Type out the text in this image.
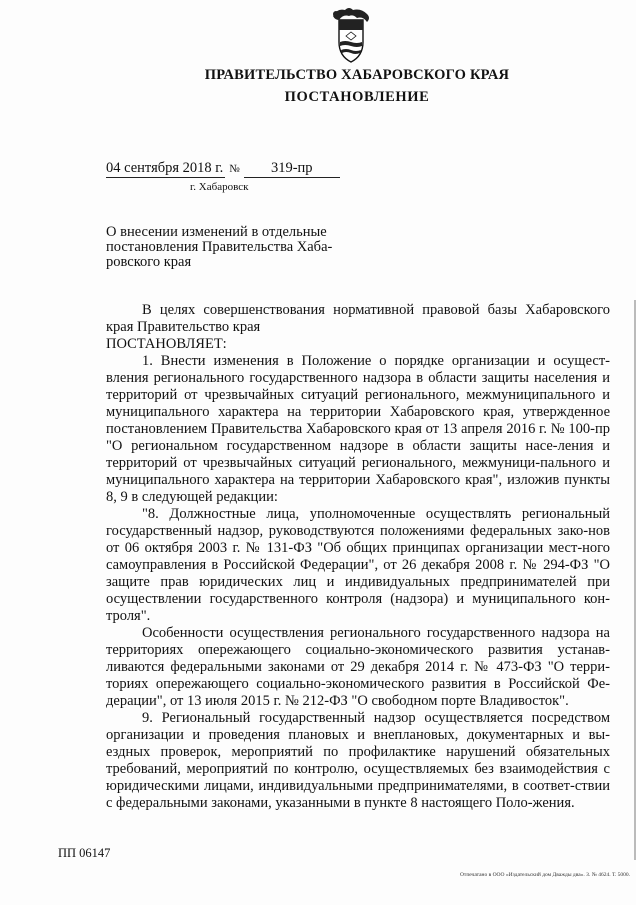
ПРАВИТЕЛЬСТВО ХАБАРОВСКОГО КРАЯ
ПОСТАНОВЛЕНИЕ
04 сентября 2018 г. № 319-пр
г. Хабаровск
О внесении изменений в отдельные постановления Правительства Хаба-ровского края

В целях совершенствования нормативной правовой базы Хабаровского края Правительство края

ПОСТАНОВЛЯЕТ:

1. Внести изменения в Положение о порядке организации и осущест-вления регионального государственного надзора в области защиты населения и территорий от чрезвычайных ситуаций регионального, межмуниципального и муниципального характера на территории Хабаровского края, утвержденное постановлением Правительства Хабаровского края от 13 апреля 2016 г. № 100-пр "О региональном государственном надзоре в области защиты насе-ления и территорий от чрезвычайных ситуаций регионального, межмуници-пального и муниципального характера на территории Хабаровского края", изложив пункты 8, 9 в следующей редакции:

"8. Должностные лица, уполномоченные осуществлять региональный государственный надзор, руководствуются положениями федеральных зако-нов от 06 октября 2003 г. № 131-ФЗ "Об общих принципах организации мест-ного самоуправления в Российской Федерации", от 26 декабря 2008 г. № 294-ФЗ "О защите прав юридических лиц и индивидуальных предпринимателей при осуществлении государственного контроля (надзора) и муниципального кон-троля".

Особенности осуществления регионального государственного надзора на территориях опережающего социально-экономического развития устанав-ливаются федеральными законами от 29 декабря 2014 г. № 473-ФЗ "О терри-ториях опережающего социально-экономического развития в Российской Фе-дерации", от 13 июля 2015 г. № 212-ФЗ "О свободном порте Владивосток".

9. Региональный государственный надзор осуществляется посредством организации и проведения плановых и внеплановых, документарных и вы-ездных проверок, мероприятий по профилактике нарушений обязательных требований, мероприятий по контролю, осуществляемых без взаимодействия с юридическими лицами, индивидуальными предпринимателями, в соответ-ствии с федеральными законами, указанными в пункте 8 настоящего Поло-жения.

ПП 06147
Отпечатано в ООО «Издательский дом Дважды два». З. № 4624. Т. 5000.
